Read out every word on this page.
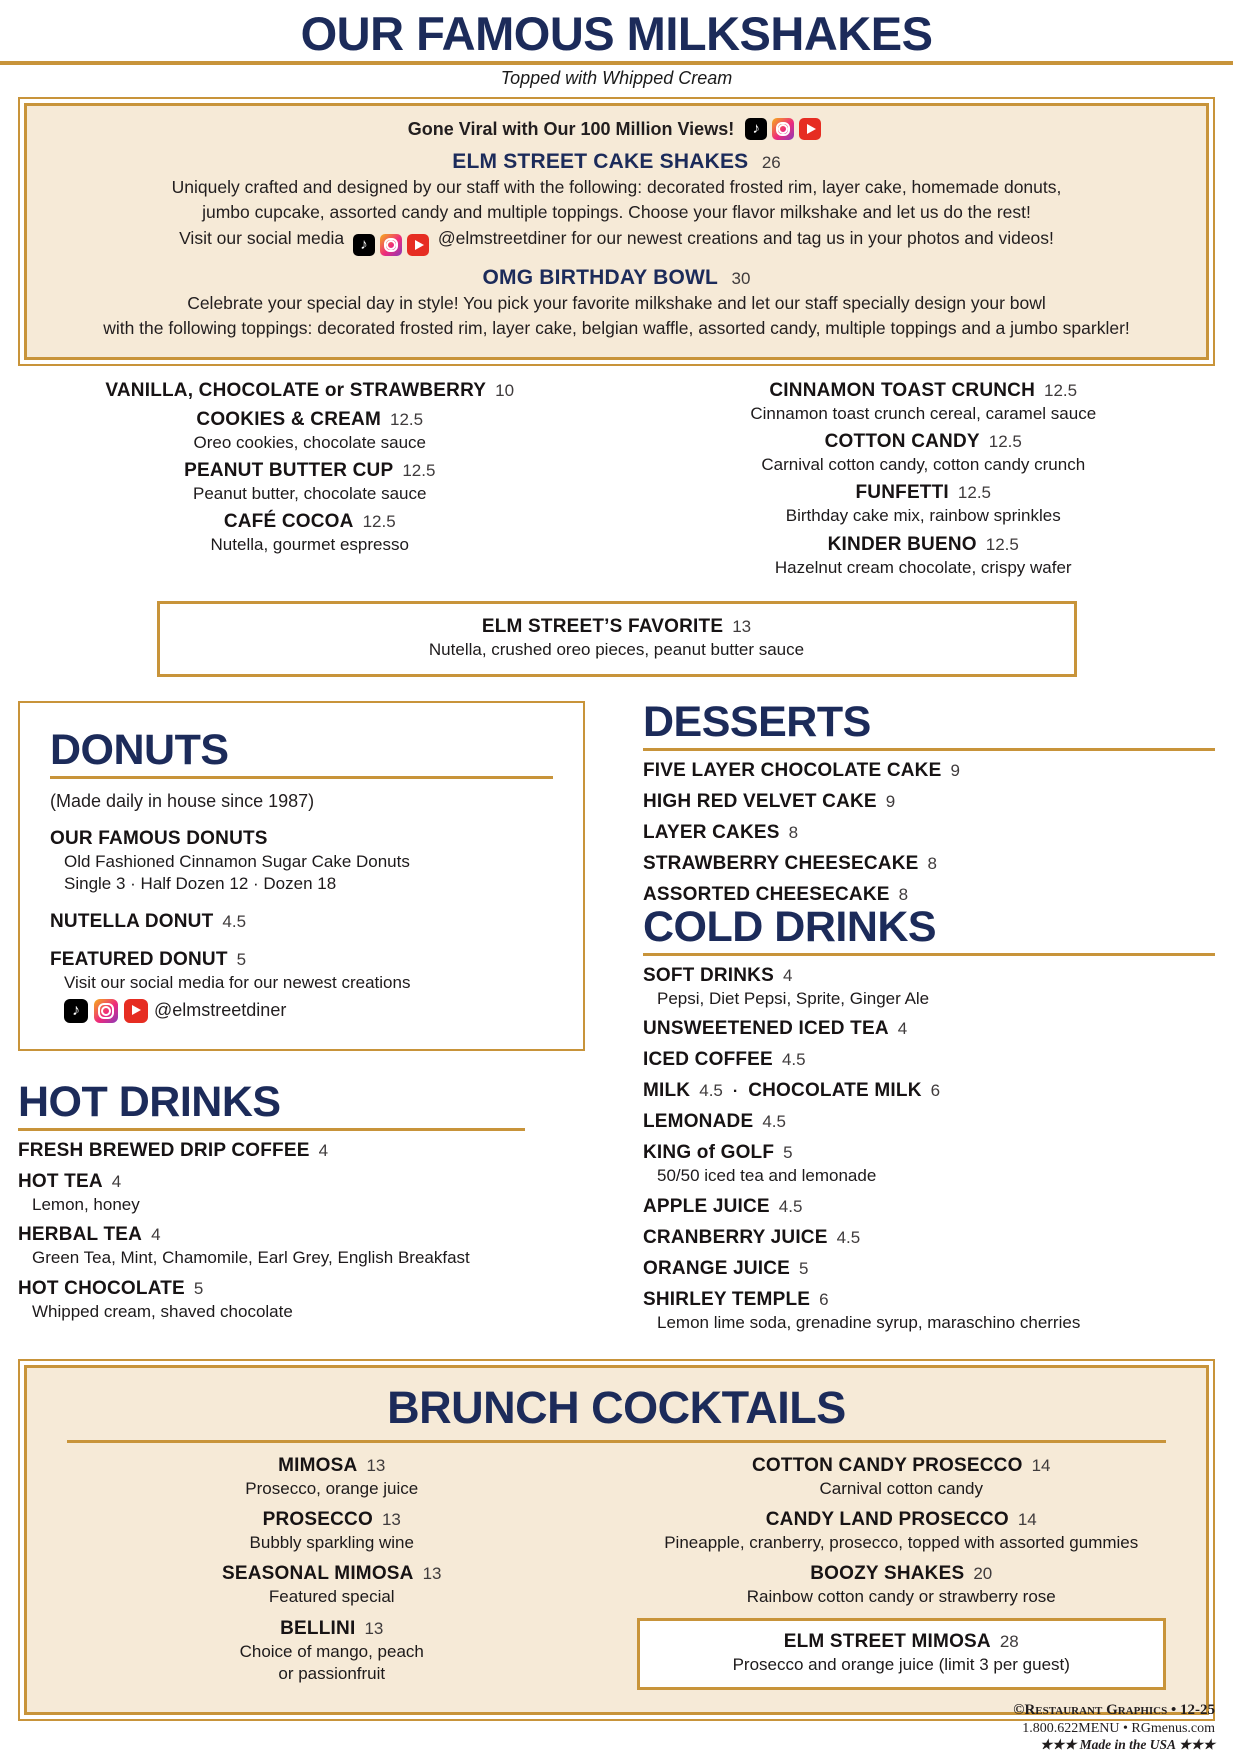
OUR FAMOUS MILKSHAKES
Topped with Whipped Cream
Gone Viral with Our 100 Million Views!	♪
ELM STREET CAKE SHAKES 26
Uniquely crafted and designed by our staff with the following: decorated frosted rim, layer cake, homemade donuts,
jumbo cupcake, assorted candy and multiple toppings. Choose your flavor milkshake and let us do the rest!
Visit our social media	♪	@elmstreetdiner for our newest creations and tag us in your photos and videos!
OMG BIRTHDAY BOWL 30
Celebrate your special day in style! You pick your favorite milkshake and let our staff specially design your bowl
with the following toppings: decorated frosted rim, layer cake, belgian waffle, assorted candy, multiple toppings and a jumbo sparkler!
VANILLA, CHOCOLATE or STRAWBERRY 10
COOKIES & CREAM 12.5
Oreo cookies, chocolate sauce
PEANUT BUTTER CUP 12.5
Peanut butter, chocolate sauce
CAFÉ COCOA 12.5
Nutella, gourmet espresso
CINNAMON TOAST CRUNCH 12.5
Cinnamon toast crunch cereal, caramel sauce
COTTON CANDY 12.5
Carnival cotton candy, cotton candy crunch
FUNFETTI 12.5
Birthday cake mix, rainbow sprinkles
KINDER BUENO 12.5
Hazelnut cream chocolate, crispy wafer
ELM STREET’S FAVORITE 13
Nutella, crushed oreo pieces, peanut butter sauce
DONUTS
(Made daily in house since 1987)
OUR FAMOUS DONUTS
Old Fashioned Cinnamon Sugar Cake Donuts
Single 3 · Half Dozen 12 · Dozen 18
NUTELLA DONUT 4.5
FEATURED DONUT 5
Visit our social media for our newest creations
♪	@elmstreetdiner
HOT DRINKS
FRESH BREWED DRIP COFFEE 4
HOT TEA 4
Lemon, honey
HERBAL TEA 4
Green Tea, Mint, Chamomile, Earl Grey, English Breakfast
HOT CHOCOLATE 5
Whipped cream, shaved chocolate
DESSERTS
FIVE LAYER CHOCOLATE CAKE 9
HIGH RED VELVET CAKE 9
LAYER CAKES 8
STRAWBERRY CHEESECAKE 8
ASSORTED CHEESECAKE 8
COLD DRINKS
SOFT DRINKS 4
Pepsi, Diet Pepsi, Sprite, Ginger Ale
UNSWEETENED ICED TEA 4
ICED COFFEE 4.5
MILK 4.5 · CHOCOLATE MILK 6
LEMONADE 4.5
KING of GOLF 5
50/50 iced tea and lemonade
APPLE JUICE 4.5
CRANBERRY JUICE 4.5
ORANGE JUICE 5
SHIRLEY TEMPLE 6
Lemon lime soda, grenadine syrup, maraschino cherries
BRUNCH COCKTAILS
MIMOSA 13
Prosecco, orange juice
PROSECCO 13
Bubbly sparkling wine
SEASONAL MIMOSA 13
Featured special
BELLINI 13
Choice of mango, peach
or passionfruit
COTTON CANDY PROSECCO 14
Carnival cotton candy
CANDY LAND PROSECCO 14
Pineapple, cranberry, prosecco, topped with assorted gummies
BOOZY SHAKES 20
Rainbow cotton candy or strawberry rose
ELM STREET MIMOSA 28
Prosecco and orange juice (limit 3 per guest)
©Restaurant Graphics • 12-25
1.800.622MENU • RGmenus.com
★★★ Made in the USA ★★★
